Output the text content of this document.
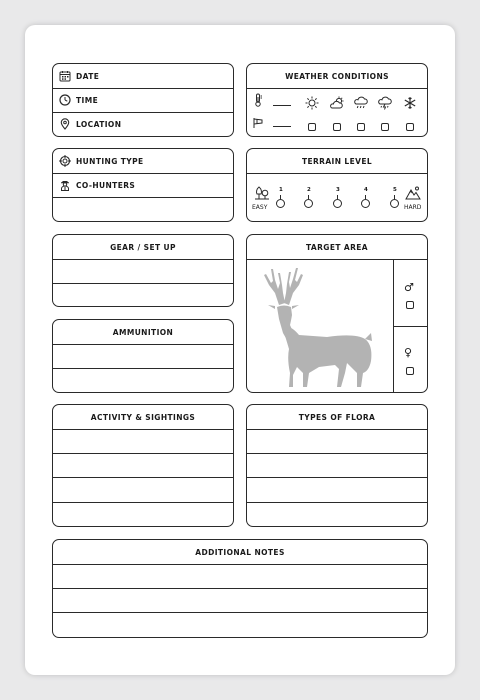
DATE
TIME
LOCATION
WEATHER CONDITIONS
HUNTING TYPE
CO-HUNTERS
TERRAIN LEVEL
EASY	HARD
1	2	3	4	5
GEAR / SET UP
AMMUNITION
TARGET AREA
♂
♀
ACTIVITY & SIGHTINGS	TYPES OF FLORA
ADDITIONAL NOTES
